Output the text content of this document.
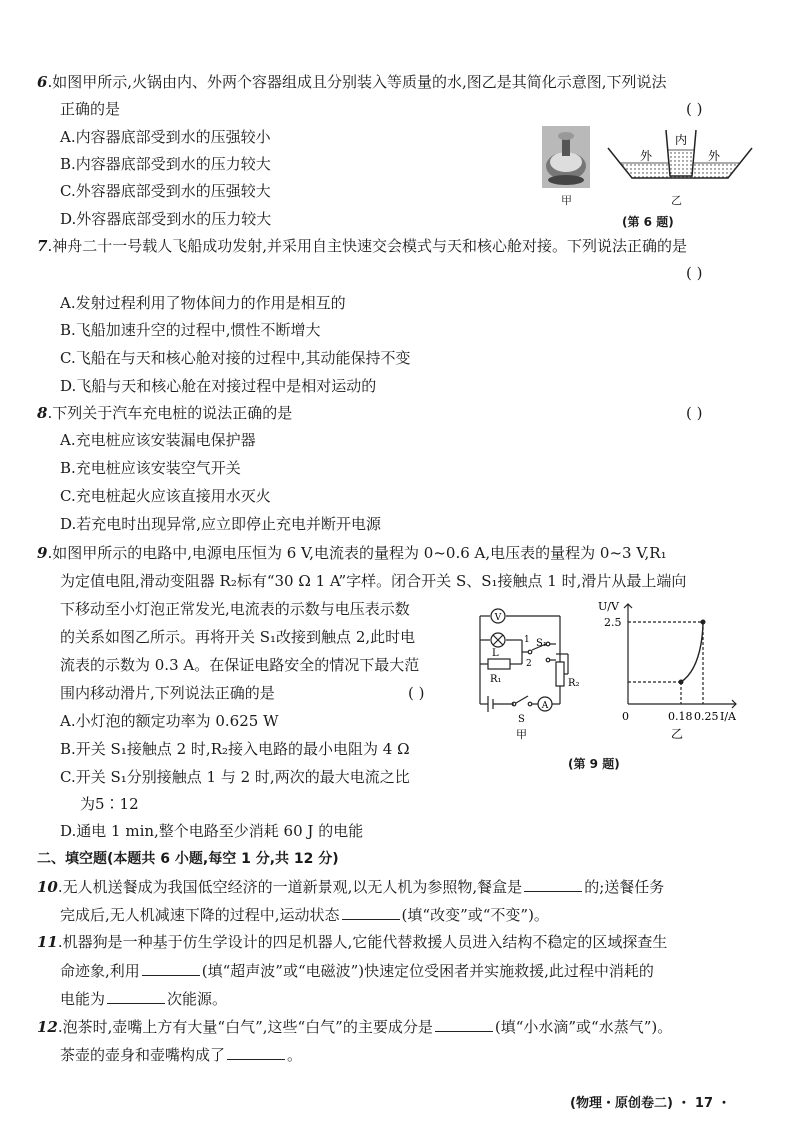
6.如图甲所示,火锅由内、外两个容器组成且分别装入等质量的水,图乙是其简化示意图,下列说法
正确的是	( )
A.内容器底部受到水的压强较小
B.内容器底部受到水的压力较大
C.外容器底部受到水的压强较大
D.外容器底部受到水的压力较大
甲
内
外	外
乙
(第 6 题)
7.神舟二十一号载人飞船成功发射,并采用自主快速交会模式与天和核心舱对接。下列说法正确的是
( )
A.发射过程利用了物体间力的作用是相互的
B.飞船加速升空的过程中,惯性不断增大
C.飞船在与天和核心舱对接的过程中,其动能保持不变
D.飞船与天和核心舱在对接过程中是相对运动的
8.下列关于汽车充电桩的说法正确的是	( )
A.充电桩应该安装漏电保护器
B.充电桩应该安装空气开关
C.充电桩起火应该直接用水灭火
D.若充电时出现异常,应立即停止充电并断开电源
9.如图甲所示的电路中,电源电压恒为 6 V,电流表的量程为 0~0.6 A,电压表的量程为 0~3 V,R₁
为定值电阻,滑动变阻器 R₂标有“30 Ω 1 A”字样。闭合开关 S、S₁接触点 1 时,滑片从最上端向
下移动至小灯泡正常发光,电流表的示数与电压表示数
的关系如图乙所示。再将开关 S₁改接到触点 2,此时电
流表的示数为 0.3 A。在保证电路安全的情况下最大范
围内移动滑片,下列说法正确的是	( )
A.小灯泡的额定功率为 0.625 W
B.开关 S₁接触点 2 时,R₂接入电路的最小电阻为 4 Ω
C.开关 S₁分别接触点 1 与 2 时,两次的最大电流之比
为5∶12
D.通电 1 min,整个电路至少消耗 60 J 的电能
V
A
L
R₁	R₂
S
S₁
1
2
甲
U/V
I/A
0
2.5
0.18 0.25
乙
(第 9 题)
二、填空题(本题共 6 小题,每空 1 分,共 12 分)
10.无人机送餐成为我国低空经济的一道新景观,以无人机为参照物,餐盒是	的;送餐任务
完成后,无人机减速下降的过程中,运动状态	(填“改变”或“不变”)。
11.机器狗是一种基于仿生学设计的四足机器人,它能代替救援人员进入结构不稳定的区域探查生
命迹象,利用	(填“超声波”或“电磁波”)快速定位受困者并实施救援,此过程中消耗的
电能为	次能源。
12.泡茶时,壶嘴上方有大量“白气”,这些“白气”的主要成分是	(填“小水滴”或“水蒸气”)。
茶壶的壶身和壶嘴构成了	。
(物理・原创卷二) ・ 17 ・
